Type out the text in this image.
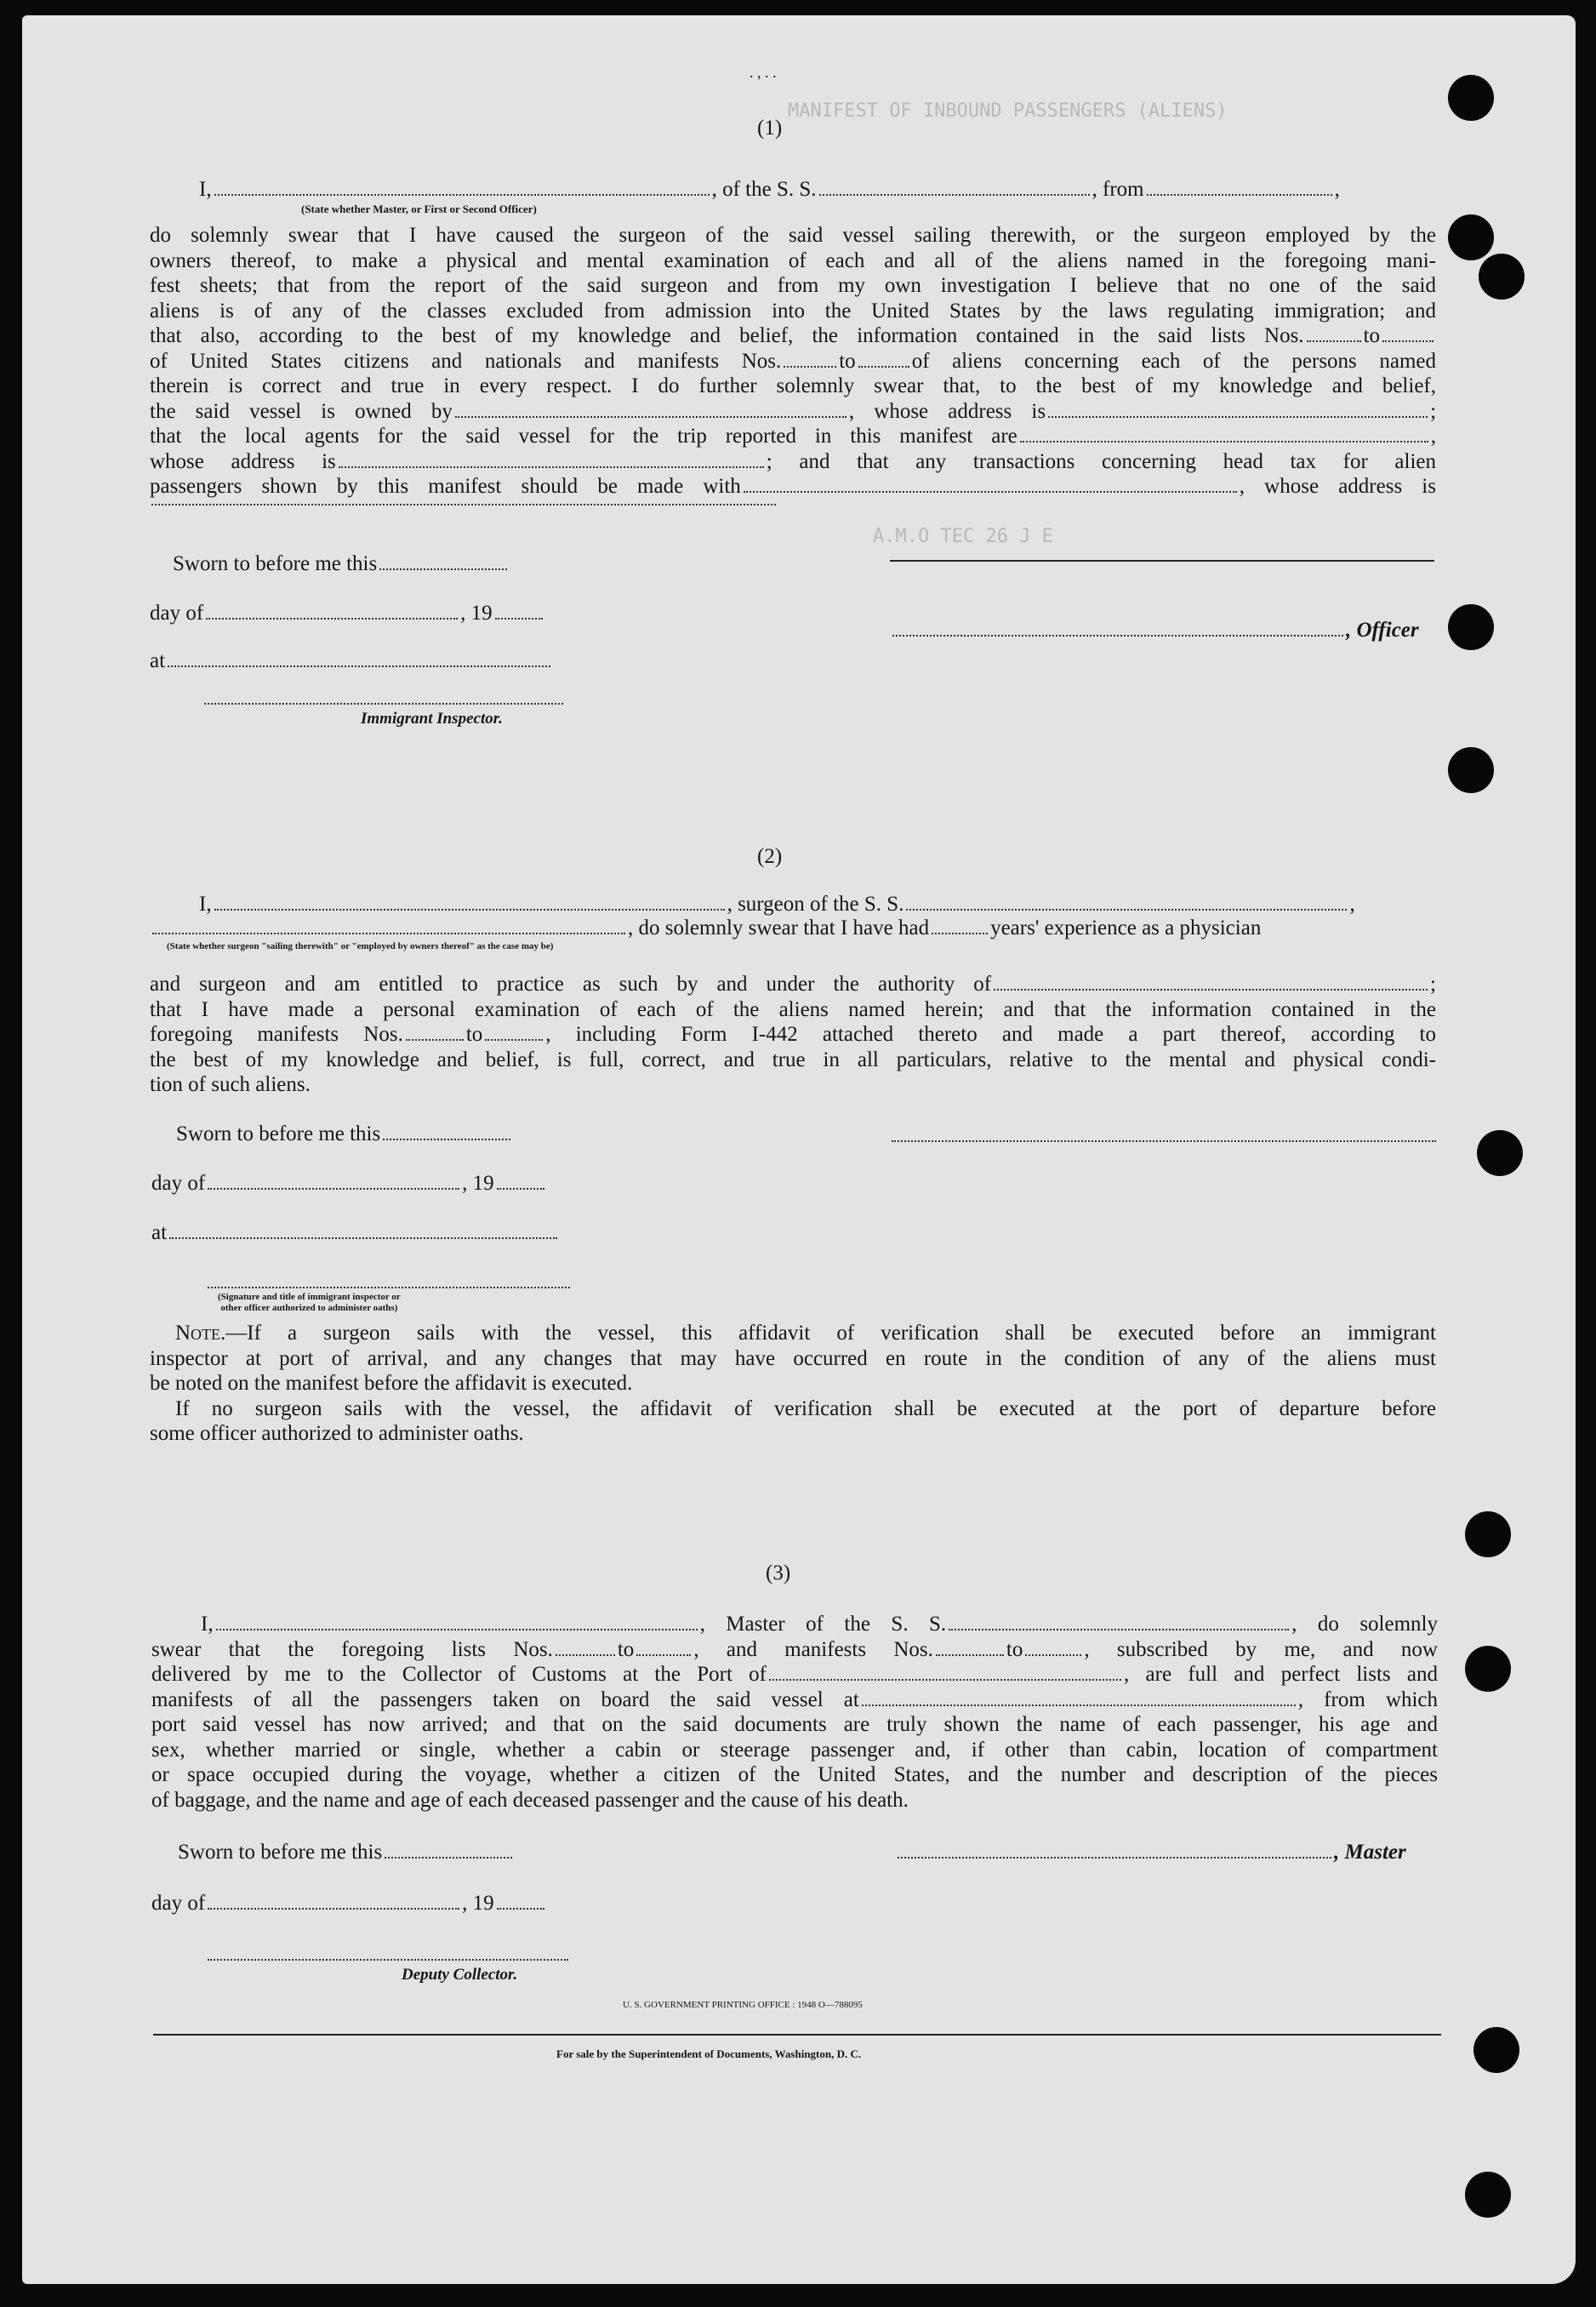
MANIFEST OF INBOUND PASSENGERS (ALIENS)
A.M.O TEC 26 J E
. , . .
(1)
I,	, of the S. S.	, from	,
(State whether Master, or First or Second Officer)
do solemnly swear that I have caused the surgeon of the said vessel sailing therewith, or the surgeon employed by the
owners thereof, to make a physical and mental examination of each and all of the aliens named in the foregoing mani-
fest sheets; that from the report of the said surgeon and from my own investigation I believe that no one of the said
aliens is of any of the classes excluded from admission into the United States by the laws regulating immigration; and
that also, according to the best of my knowledge and belief, the information contained in the said lists Nos.	to
of United States citizens and nationals and manifests Nos.	to	of aliens concerning each of the persons named
therein is correct and true in every respect. I do further solemnly swear that, to the best of my knowledge and belief,
the said vessel is owned by	, whose address is	;
that the local agents for the said vessel for the trip reported in this manifest are	,
whose address is	; and that any transactions concerning head tax for alien
passengers shown by this manifest should be made with	, whose address is
Sworn to before me this
day of	, 19
at
Immigrant Inspector.
, Officer
(2)
I,	, surgeon of the S. S.	,
, do solemnly swear that I have had	years' experience as a physician
(State whether surgeon "sailing therewith" or "employed by owners thereof" as the case may be)
and surgeon and am entitled to practice as such by and under the authority of	;
that I have made a personal examination of each of the aliens named herein; and that the information contained in the
foregoing manifests Nos.	to	, including Form I-442 attached thereto and made a part thereof, according to
the best of my knowledge and belief, is full, correct, and true in all particulars, relative to the mental and physical condi-
tion of such aliens.
Sworn to before me this
day of	, 19
at
(Signature and title of immigrant inspector or
other officer authorized to administer oaths)
Note.—If a surgeon sails with the vessel, this affidavit of verification shall be executed before an immigrant
inspector at port of arrival, and any changes that may have occurred en route in the condition of any of the aliens must
be noted on the manifest before the affidavit is executed.
If no surgeon sails with the vessel, the affidavit of verification shall be executed at the port of departure before
some officer authorized to administer oaths.
(3)
I,	, Master of the S. S.	, do solemnly
swear that the foregoing lists Nos.	to	, and manifests Nos.	to	, subscribed by me, and now
delivered by me to the Collector of Customs at the Port of	, are full and perfect lists and
manifests of all the passengers taken on board the said vessel at	, from which
port said vessel has now arrived; and that on the said documents are truly shown the name of each passenger, his age and
sex, whether married or single, whether a cabin or steerage passenger and, if other than cabin, location of compartment
or space occupied during the voyage, whether a citizen of the United States, and the number and description of the pieces
of baggage, and the name and age of each deceased passenger and the cause of his death.
Sworn to before me this	, Master
day of	, 19
Deputy Collector.
U. S. GOVERNMENT PRINTING OFFICE : 1948 O—788095
For sale by the Superintendent of Documents, Washington, D. C.
